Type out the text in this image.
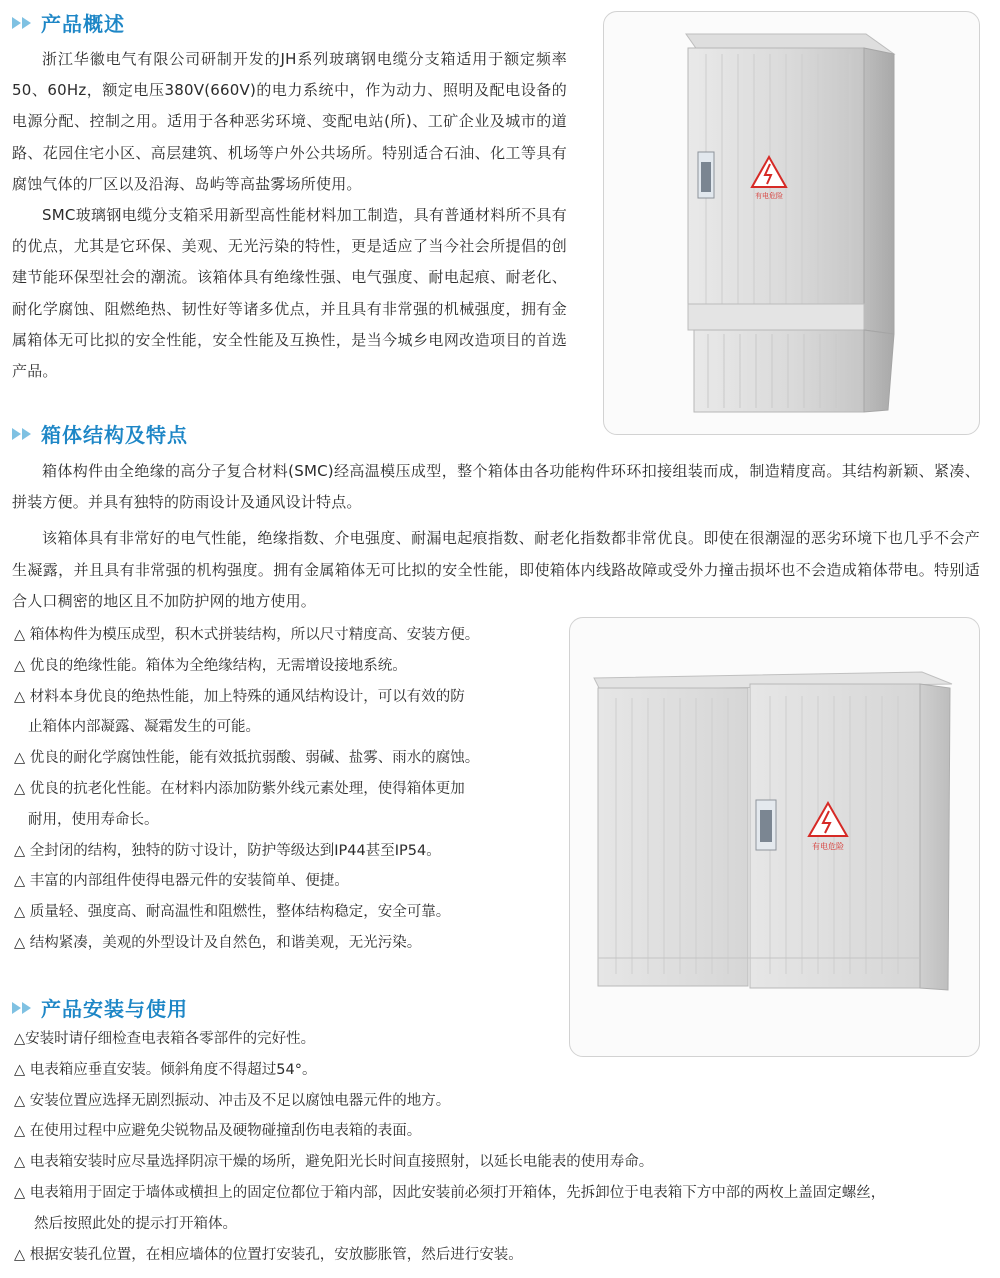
产品概述

浙江华徽电气有限公司研制开发的JH系列玻璃钢电缆分支箱适用于额定频率50、60Hz，额定电压380V(660V)的电力系统中，作为动力、照明及配电设备的电源分配、控制之用。适用于各种恶劣环境、变配电站(所)、工矿企业及城市的道路、花园住宅小区、高层建筑、机场等户外公共场所。特别适合石油、化工等具有腐蚀气体的厂区以及沿海、岛屿等高盐雾场所使用。

SMC玻璃钢电缆分支箱采用新型高性能材料加工制造，具有普通材料所不具有的优点，尤其是它环保、美观、无光污染的特性，更是适应了当今社会所提倡的创建节能环保型社会的潮流。该箱体具有绝缘性强、电气强度、耐电起痕、耐老化、耐化学腐蚀、阻燃绝热、韧性好等诸多优点，并且具有非常强的机械强度，拥有金属箱体无可比拟的安全性能，安全性能及互换性，是当今城乡电网改造项目的首选产品。

有电危险
箱体结构及特点

箱体构件由全绝缘的高分子复合材料(SMC)经高温模压成型，整个箱体由各功能构件环环扣接组装而成，制造精度高。其结构新颖、紧凑、拼装方便。并具有独特的防雨设计及通风设计特点。

该箱体具有非常好的电气性能，绝缘指数、介电强度、耐漏电起痕指数、耐老化指数都非常优良。即使在很潮湿的恶劣环境下也几乎不会产生凝露，并且具有非常强的机构强度。拥有金属箱体无可比拟的安全性能，即使箱体内线路故障或受外力撞击损坏也不会造成箱体带电。特别适合人口稠密的地区且不加防护网的地方使用。

△ 箱体构件为模压成型，积木式拼装结构，所以尺寸精度高、安装方便。
△ 优良的绝缘性能。箱体为全绝缘结构，无需增设接地系统。
△ 材料本身优良的绝热性能，加上特殊的通风结构设计，可以有效的防
止箱体内部凝露、凝霜发生的可能。
△ 优良的耐化学腐蚀性能，能有效抵抗弱酸、弱碱、盐雾、雨水的腐蚀。
△ 优良的抗老化性能。在材料内添加防紫外线元素处理，使得箱体更加
耐用，使用寿命长。
△ 全封闭的结构，独特的防寸设计，防护等级达到IP44甚至IP54。
△ 丰富的内部组件使得电器元件的安装简单、便捷。
△ 质量轻、强度高、耐高温性和阻燃性，整体结构稳定，安全可靠。
△ 结构紧凑，美观的外型设计及自然色，和谐美观，无光污染。
有电危险
产品安装与使用
△安装时请仔细检查电表箱各零部件的完好性。
△ 电表箱应垂直安装。倾斜角度不得超过54°。
△ 安装位置应选择无剧烈振动、冲击及不足以腐蚀电器元件的地方。
△ 在使用过程中应避免尖锐物品及硬物碰撞刮伤电表箱的表面。
△ 电表箱安装时应尽量选择阴凉干燥的场所，避免阳光长时间直接照射，以延长电能表的使用寿命。
△ 电表箱用于固定于墙体或横担上的固定位都位于箱内部，因此安装前必须打开箱体，先拆卸位于电表箱下方中部的两枚上盖固定螺丝，
然后按照此处的提示打开箱体。
△ 根据安装孔位置，在相应墙体的位置打安装孔，安放膨胀管，然后进行安装。
